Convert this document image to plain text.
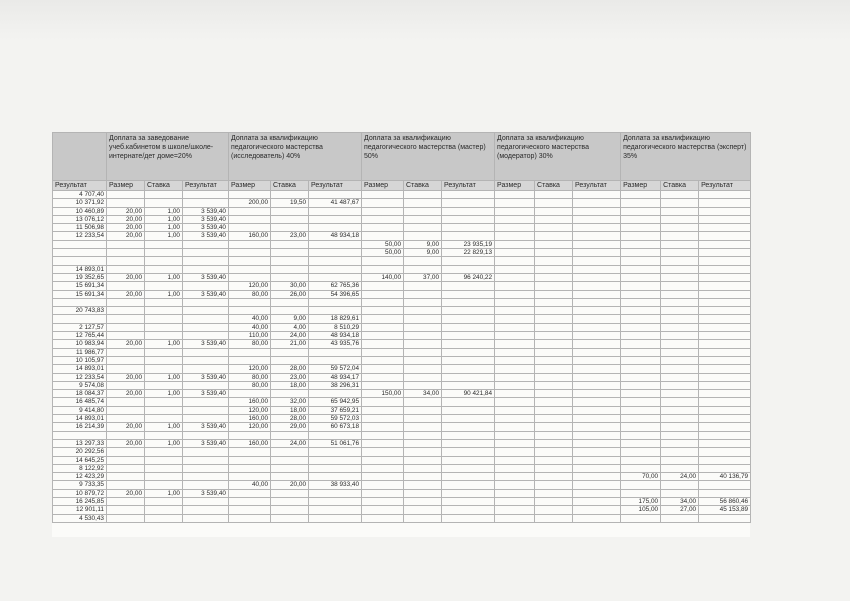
	Доплата за заведование учеб.кабинетом в школе/школе-интернате/дет доме=20%			Доплата за квалификацию педагогического мастерства (исследователь) 40%			Доплата за квалификацию педагогического мастерства (мастер) 50%			Доплата за квалификацию педагогического мастерства (модератор) 30%			Доплата за квалификацию педагогического мастерства (эксперт) 35%		
Результат	Размер	Ставка	Результат	Размер	Ставка	Результат	Размер	Ставка	Результат	Размер	Ставка	Результат	Размер	Ставка	Результат
4 707,40															
10 371,92				200,00	19,50	41 487,67									
10 460,89	20,00	1,00	3 539,40												
13 076,12	20,00	1,00	3 539,40												
11 506,98	20,00	1,00	3 539,40												
12 233,54	20,00	1,00	3 539,40	160,00	23,00	48 934,18									
							50,00	9,00	23 935,19						
							50,00	9,00	22 829,13						

14 893,01															
19 352,65	20,00	1,00	3 539,40				140,00	37,00	96 240,22						
15 691,34				120,00	30,00	62 765,36									
15 691,34	20,00	1,00	3 539,40	80,00	26,00	54 396,65									

20 743,83															
				40,00	9,00	18 829,61									
2 127,57				40,00	4,00	8 510,29									
12 765,44				110,00	24,00	48 934,18									
10 983,94	20,00	1,00	3 539,40	80,00	21,00	43 935,76									
11 986,77															
10 105,97															
14 893,01				120,00	28,00	59 572,04									
12 233,54	20,00	1,00	3 539,40	80,00	23,00	48 934,17									
9 574,08				80,00	18,00	38 296,31									
18 084,37	20,00	1,00	3 539,40				150,00	34,00	90 421,84						
16 485,74				160,00	32,00	65 942,95									
9 414,80				120,00	18,00	37 659,21									
14 893,01				160,00	28,00	59 572,03									
16 214,39	20,00	1,00	3 539,40	120,00	29,00	60 673,18									

13 297,33	20,00	1,00	3 539,40	160,00	24,00	51 061,76									
20 292,56															
14 645,25															
8 122,92															
12 423,29													70,00	24,00	40 136,79
9 733,35				40,00	20,00	38 933,40									
10 879,72	20,00	1,00	3 539,40												
16 245,85													175,00	34,00	56 860,46
12 901,11													105,00	27,00	45 153,89
4 530,43															
